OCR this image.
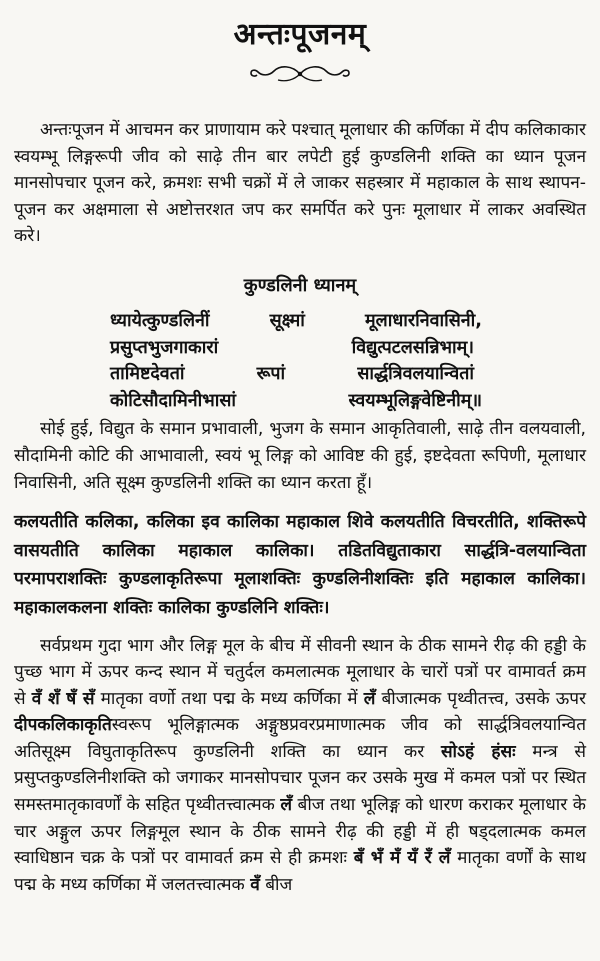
अन्तःपूजनम्

अन्तःपूजन में आचमन कर प्राणायाम करे पश्चात् मूलाधार की कर्णिका में दीप कलिकाकार स्वयम्भू लिङ्गरूपी जीव को साढ़े तीन बार लपेटी हुई कुण्डलिनी शक्ति का ध्यान पूजन मानसोपचार पूजन करे, क्रमशः सभी चक्रों में ले जाकर सहस्त्रार में महाकाल के साथ स्थापन-पूजन कर अक्षमाला से अष्टोत्तरशत जप कर समर्पित करे पुनः मूलाधार में लाकर अवस्थित करे।

कुण्डलिनी ध्यानम्
ध्यायेत्कुण्डलिनीं	सूक्ष्मां	मूलाधारनिवासिनी,
प्रसुप्तभुजगाकारां	विद्युत्पटलसन्निभाम्।
तामिष्टदेवतां	रूपां	सार्द्धत्रिवलयान्वितां
कोटिसौदामिनीभासां	स्वयम्भूलिङ्गवेष्टिनीम्॥

सोई हुई, विद्युत के समान प्रभावाली, भुजग के समान आकृतिवाली, साढ़े तीन वलयवाली, सौदामिनी कोटि की आभावाली, स्वयं भू लिङ्ग को आविष्ट की हुई, इष्टदेवता रूपिणी, मूलाधार निवासिनी, अति सूक्ष्म कुण्डलिनी शक्ति का ध्यान करता हूँ।

कलयतीति कलिका, कलिका इव कालिका महाकाल शिवे कलयतीति विचरतीति, शक्तिरूपे वासयतीति कालिका महाकाल कालिका। तडितविद्युताकारा सार्द्धत्रि-वलयान्विता परमापराशक्तिः कुण्डलाकृतिरूपा मूलाशक्तिः कुण्डलिनीशक्तिः इति महाकाल कालिका। महाकालकलना शक्तिः कालिका कुण्डलिनि शक्तिः।

सर्वप्रथम गुदा भाग और लिङ्ग मूल के बीच में सीवनी स्थान के ठीक सामने रीढ़ की हड्डी के पुच्छ भाग में ऊपर कन्द स्थान में चतुर्दल कमलात्मक मूलाधार के चारों पत्रों पर वामावर्त क्रम से वँ शँ षँ सँ मातृका वर्णो तथा पद्म के मध्य कर्णिका में लँ बीजात्मक पृथ्वीतत्त्व, उसके ऊपर दीपकलिकाकृतिस्वरूप भूलिङ्गात्मक अङ्गुष्ठप्रवरप्रमाणात्मक जीव को सार्द्धत्रिवलयान्वित अतिसूक्ष्म विघुताकृतिरूप कुण्डलिनी शक्ति का ध्यान कर सोऽहं हंसः मन्त्र से प्रसुप्तकुण्डलिनीशक्ति को जगाकर मानसोपचार पूजन कर उसके मुख में कमल पत्रों पर स्थित समस्तमातृकावर्णों के सहित पृथ्वीतत्त्वात्मक लँ बीज तथा भूलिङ्ग को धारण कराकर मूलाधार के चार अङ्गुल ऊपर लिङ्गमूल स्थान के ठीक सामने रीढ़ की हड्डी में ही षड्दलात्मक कमल स्वाधिष्ठान चक्र के पत्रों पर वामावर्त क्रम से ही क्रमशः बँ भँ मँ यँ रँ लँ मातृका वर्णों के साथ पद्म के मध्य कर्णिका में जलतत्त्वात्मक वँ बीज
